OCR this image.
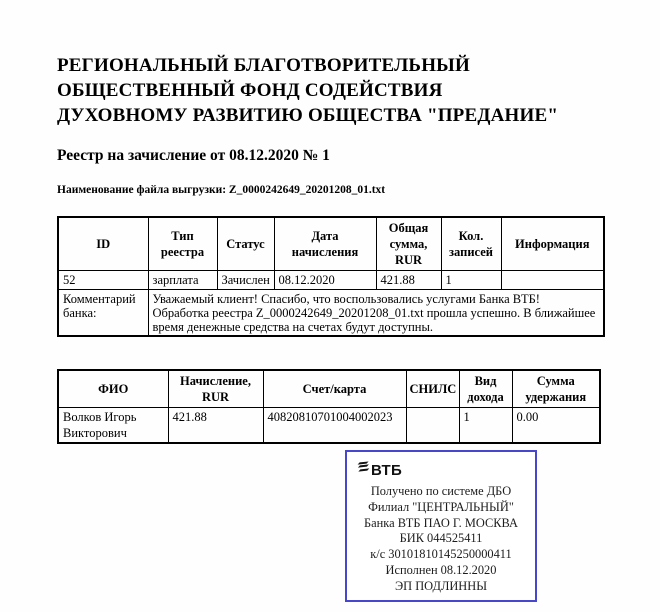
РЕГИОНАЛЬНЫЙ БЛАГОТВОРИТЕЛЬНЫЙ
ОБЩЕСТВЕННЫЙ ФОНД СОДЕЙСТВИЯ
ДУХОВНОМУ РАЗВИТИЮ ОБЩЕСТВА "ПРЕДАНИЕ"
Реестр на зачисление от 08.12.2020 № 1
Наименование файла выгрузки: Z_0000242649_20201208_01.txt
ID	Тип реестра	Статус	Дата начисления	Общая сумма, RUR	Кол. записей	Информация
52	зарплата	Зачислен	08.12.2020	421.88	1	
Комментарий банка:	Уважаемый клиент! Спасибо, что воспользовались услугами Банка ВТБ! Обработка реестра Z_0000242649_20201208_01.txt прошла успешно. В ближайшее время денежные средства на счетах будут доступны.					
ФИО	Начисление, RUR	Счет/карта	СНИЛС	Вид дохода	Сумма удержания
Волков Игорь Викторович	421.88	40820810701004002023		1	0.00
ВТБ
Получено по системе ДБО
Филиал "ЦЕНТРАЛЬНЫЙ"
Банка ВТБ ПАО Г. МОСКВА
БИК 044525411
к/с 30101810145250000411
Исполнен 08.12.2020
ЭП ПОДЛИННЫ
